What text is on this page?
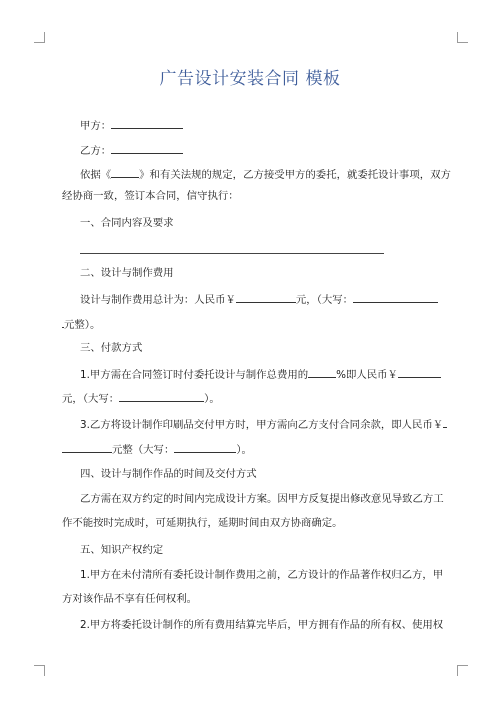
广告设计安装合同 模板
甲方：
乙方：
依据《	》和有关法规的规定，乙方接受甲方的委托，就委托设计事项，双方
经协商一致，签订本合同，信守执行：
一、合同内容及要求
二、设计与制作费用
设计与制作费用总计为：人民币￥	元，（大写：
元整）。
三、付款方式
1.甲方需在合同签订时付委托设计与制作总费用的	%即人民币￥
元，（大写：	）。
3.乙方将设计制作印刷品交付甲方时，甲方需向乙方支付合同余款，即人民币￥
元整（大写：	）。
四、设计与制作作品的时间及交付方式
乙方需在双方约定的时间内完成设计方案。因甲方反复提出修改意见导致乙方工
作不能按时完成时，可延期执行，延期时间由双方协商确定。
五、知识产权约定
1.甲方在未付清所有委托设计制作费用之前，乙方设计的作品著作权归乙方，甲
方对该作品不享有任何权利。
2.甲方将委托设计制作的所有费用结算完毕后，甲方拥有作品的所有权、使用权
